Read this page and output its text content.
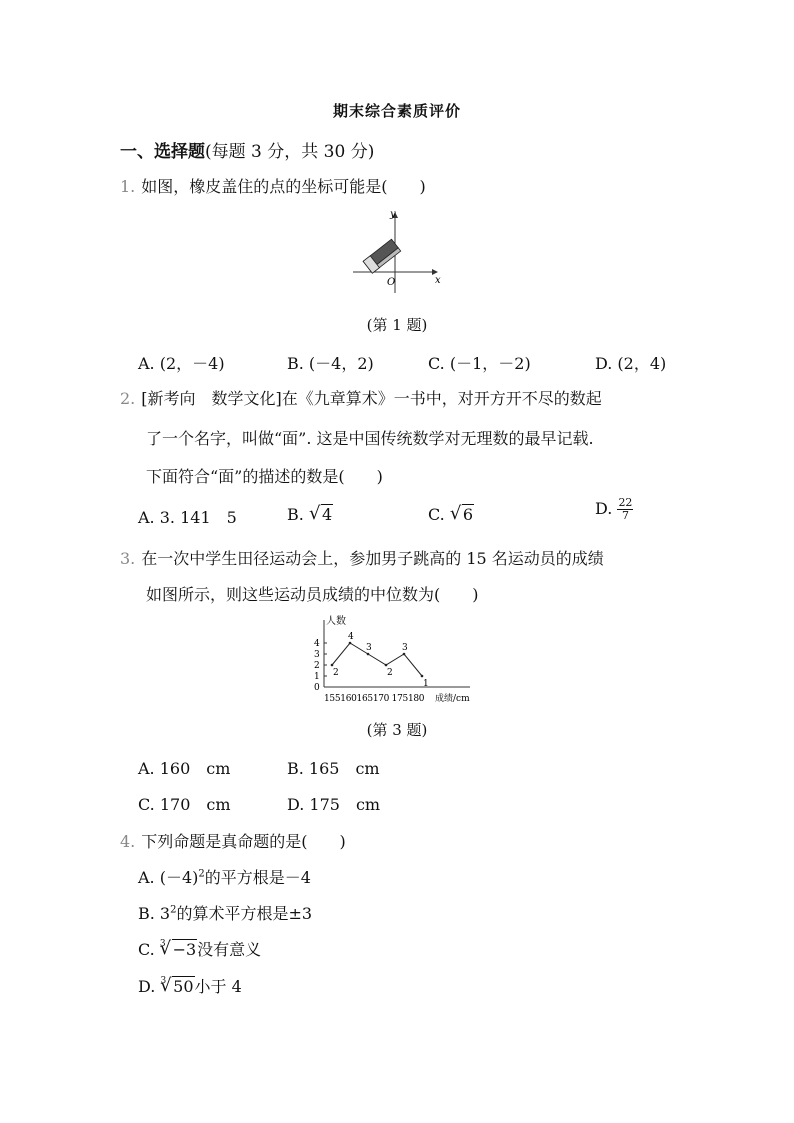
期末综合素质评价
一、选择题(每题 3 分，共 30 分)
1. 如图，橡皮盖住的点的坐标可能是(　　)
x
y
O
(第 1 题)
A. (2，－4)	B. (－4，2)	C. (－1，－2)	D. (2，4)
2. [新考向　数学文化]在《九章算术》一书中，对开方开不尽的数起
了一个名字，叫做“面”. 这是中国传统数学对无理数的最早记载.
下面符合“面”的描述的数是(　　)
A. 3. 141　5	B. √ 4	C. √ 6	D. $\frac{22}{7}$
3. 在一次中学生田径运动会上，参加男子跳高的 15 名运动员的成绩
如图所示，则这些运动员成绩的中位数为(　　)
人数
成绩/cm
155160165170 175180
0
1
2
3
4
2
4
3
2
3
1
(第 3 题)
A. 160　cm	B. 165　cm
C. 170　cm	D. 175　cm
4. 下列命题是真命题的是(　　)
A. $(-4)^2$的平方根是－4
B. $3^2$的算术平方根是±3
C. $^3$ √ −3没有意义
D. $^3$ √ 50小于 4
